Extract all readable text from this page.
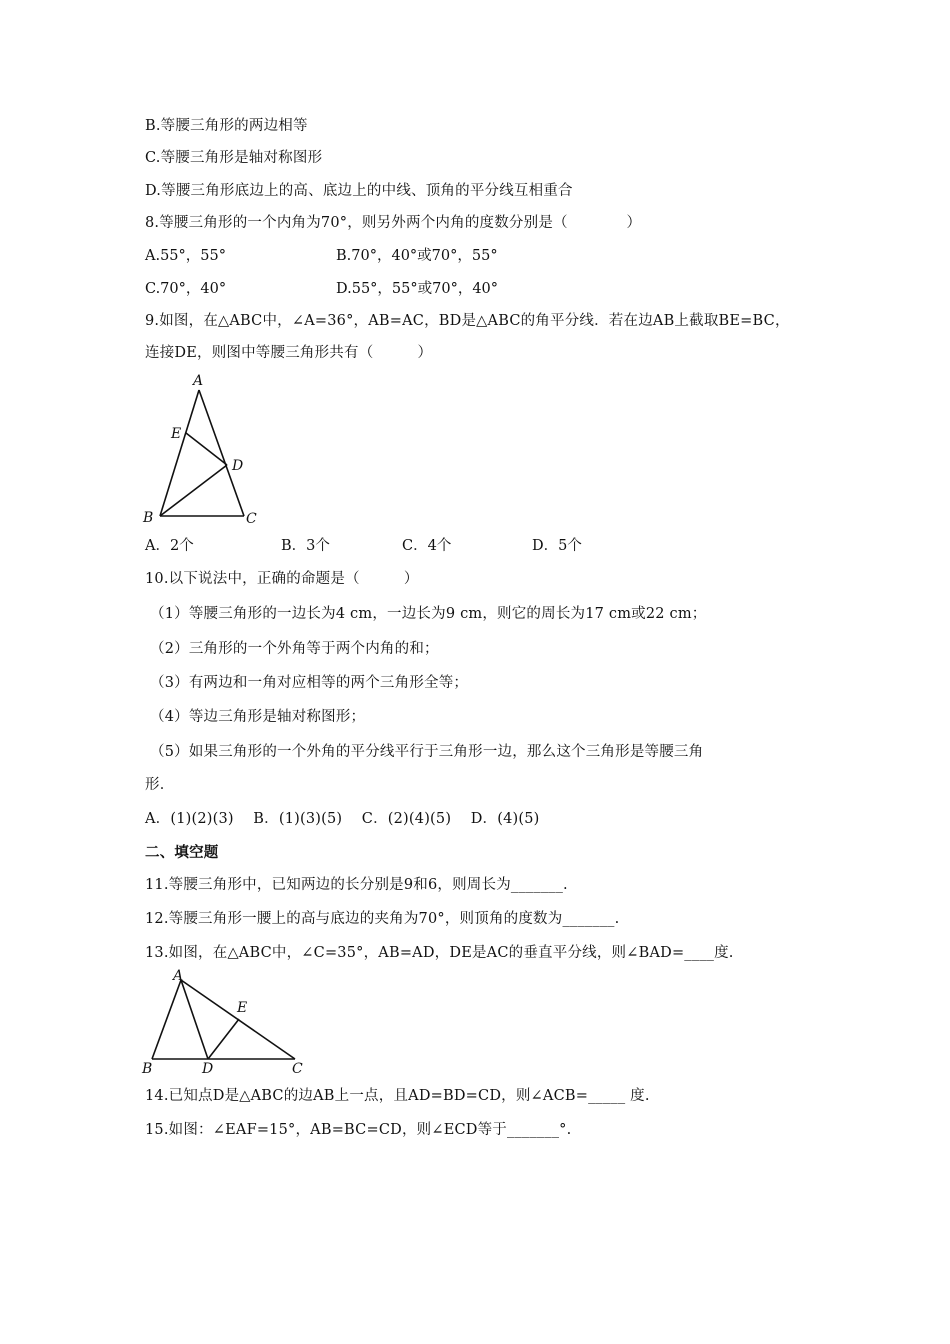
B.等腰三角形的两边相等
C.等腰三角形是轴对称图形
D.等腰三角形底边上的高、底边上的中线、顶角的平分线互相重合
8.等腰三角形的一个内角为70°，则另外两个内角的度数分别是（　　　　）
A.55°，55°	B.70°，40°或70°，55°
C.70°，40°	D.55°，55°或70°，40°
9.如图，在△ABC中，∠A=36°，AB=AC，BD是△ABC的角平分线．若在边AB上截取BE=BC，
连接DE，则图中等腰三角形共有（　　　）
A
E
D
B	C
A．2个	B．3个	C．4个	D．5个
10.以下说法中，正确的命题是（　　　）
（1）等腰三角形的一边长为4 cm，一边长为9 cm，则它的周长为17 cm或22 cm；
（2）三角形的一个外角等于两个内角的和；
（3）有两边和一角对应相等的两个三角形全等；
（4）等边三角形是轴对称图形；
（5）如果三角形的一个外角的平分线平行于三角形一边，那么这个三角形是等腰三角
形．
A．(1)(2)(3)　 B．(1)(3)(5)　 C．(2)(4)(5)　 D．(4)(5)
二、填空题
11.等腰三角形中，已知两边的长分别是9和6，则周长为_______.
12.等腰三角形一腰上的高与底边的夹角为70°，则顶角的度数为_______.
13.如图，在△ABC中，∠C=35°，AB=AD，DE是AC的垂直平分线，则∠BAD=____度.
A
E
B	D	C
14.已知点D是△ABC的边AB上一点，且AD=BD=CD，则∠ACB=_____ 度.
15.如图：∠EAF=15°，AB=BC=CD，则∠ECD等于_______°.
